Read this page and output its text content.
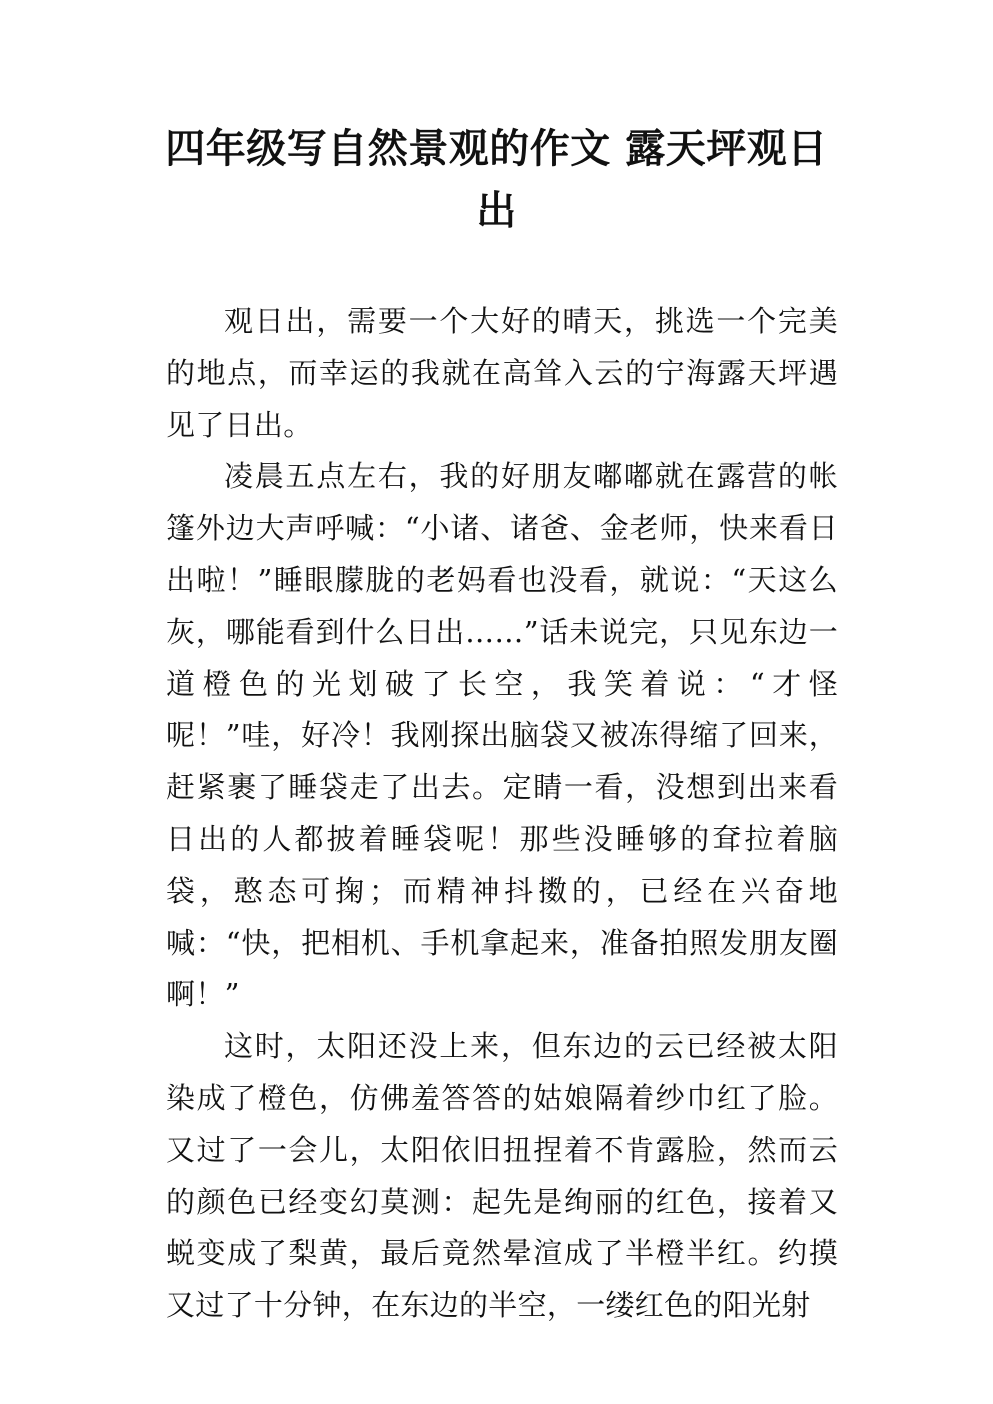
四年级写自然景观的作文 露天坪观日出

观日出，需要一个大好的晴天，挑选一个完美的地点，而幸运的我就在高耸入云的宁海露天坪遇见了日出。

凌晨五点左右，我的好朋友嘟嘟就在露营的帐篷外边大声呼喊：“小诸、诸爸、金老师，快来看日出啦！”睡眼朦胧的老妈看也没看，就说：“天这么灰，哪能看到什么日出……”话未说完，只见东边一道橙色的光划破了长空，我笑着说：“才怪呢！”哇，好冷！我刚探出脑袋又被冻得缩了回来，赶紧裹了睡袋走了出去。定睛一看，没想到出来看日出的人都披着睡袋呢！那些没睡够的耷拉着脑袋，憨态可掬；而精神抖擞的，已经在兴奋地喊：“快，把相机、手机拿起来，准备拍照发朋友圈啊！”

这时，太阳还没上来，但东边的云已经被太阳染成了橙色，仿佛羞答答的姑娘隔着纱巾红了脸。又过了一会儿，太阳依旧扭捏着不肯露脸，然而云的颜色已经变幻莫测：起先是绚丽的红色，接着又蜕变成了梨黄，最后竟然晕渲成了半橙半红。约摸又过了十分钟，在东边的半空，一缕红色的阳光射
